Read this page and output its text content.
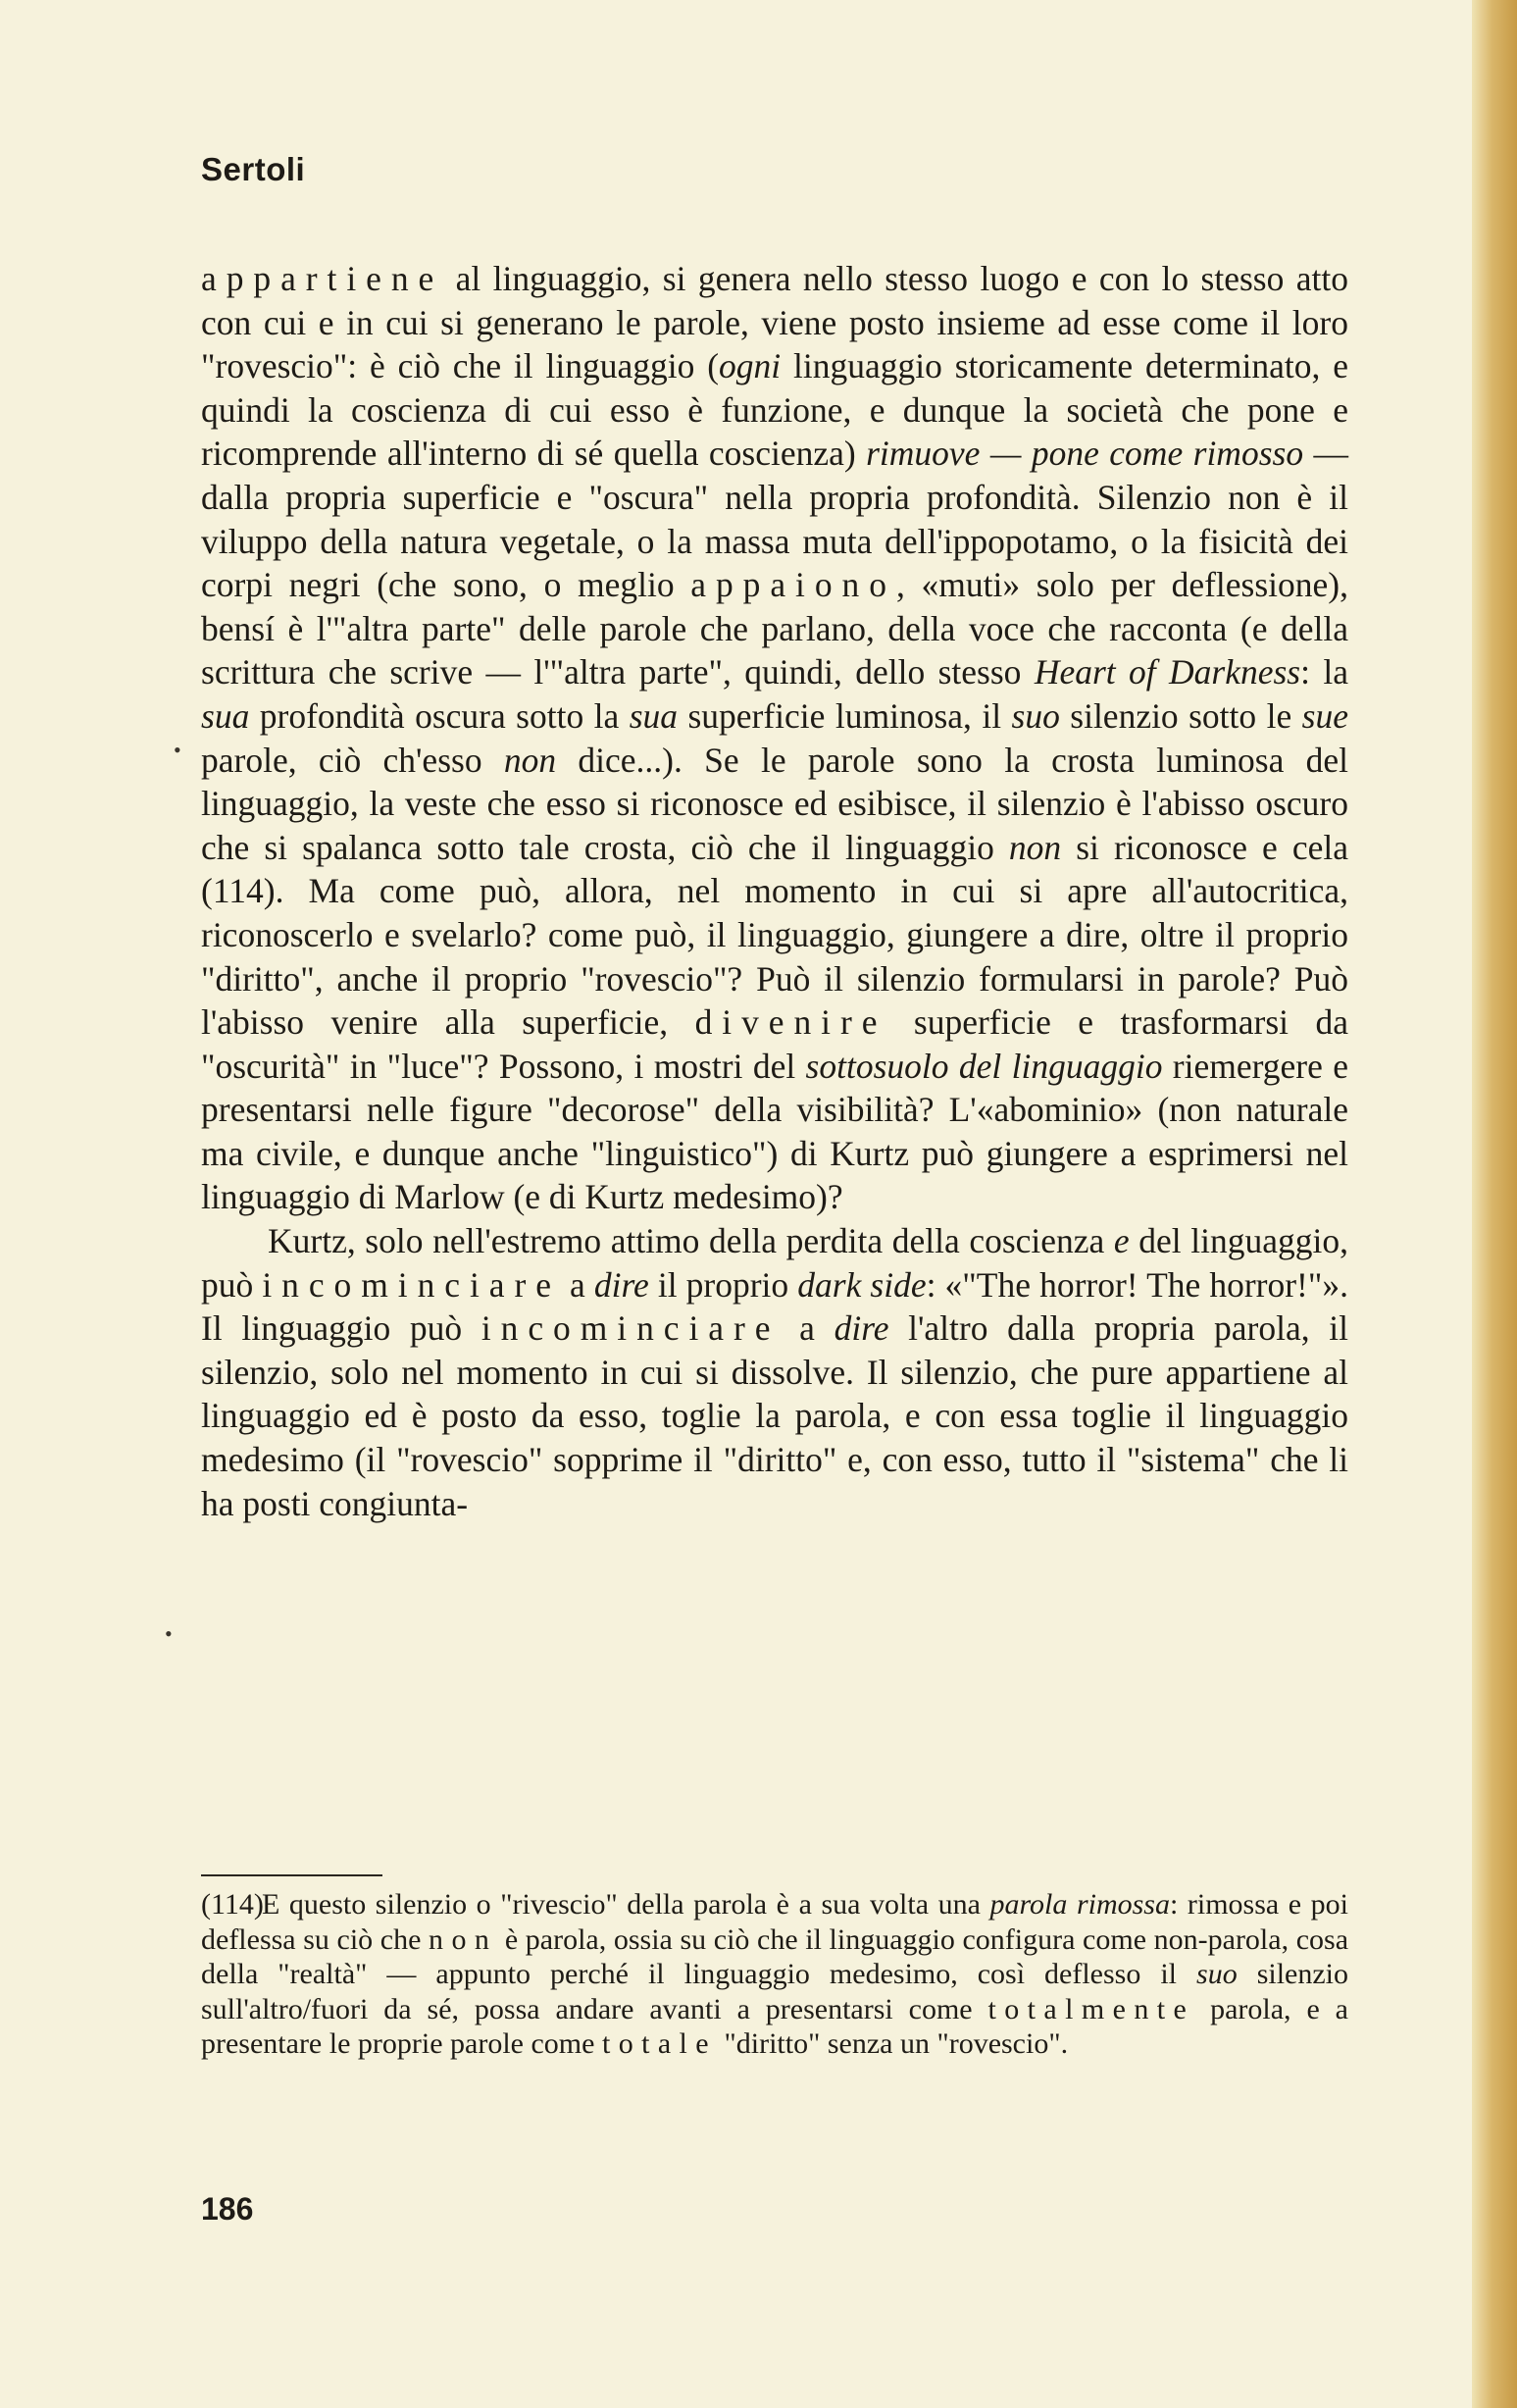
Sertoli
•
•

appartiene al linguaggio, si genera nello stesso luogo e con lo stesso atto con cui e in cui si generano le parole, viene posto insieme ad esse come il loro "rovescio": è ciò che il linguaggio (ogni linguaggio storicamente determinato, e quindi la coscienza di cui esso è funzione, e dunque la società che pone e ricomprende all'interno di sé quella coscienza) rimuove — pone come rimosso — dalla propria superficie e "oscura" nella propria profondità. Silenzio non è il viluppo della natura vegetale, o la massa muta dell'ippopotamo, o la fisicità dei corpi negri (che sono, o meglio appaiono, «muti» solo per deflessione), bensí è l'"altra parte" delle parole che parlano, della voce che racconta (e della scrittura che scrive — l'"altra parte", quindi, dello stesso Heart of Darkness: la sua profondità oscura sotto la sua superficie luminosa, il suo silenzio sotto le sue parole, ciò ch'esso non dice...). Se le parole sono la crosta luminosa del linguaggio, la veste che esso si riconosce ed esibisce, il silenzio è l'abisso oscuro che si spalanca sotto tale crosta, ciò che il linguaggio non si riconosce e cela (114). Ma come può, allora, nel momento in cui si apre all'autocritica, riconoscerlo e svelarlo? come può, il linguaggio, giungere a dire, oltre il proprio "diritto", anche il proprio "rovescio"? Può il silenzio formularsi in parole? Può l'abisso venire alla superficie, divenire superficie e trasformarsi da "oscurità" in "luce"? Possono, i mostri del sottosuolo del linguaggio riemergere e presentarsi nelle figure "decorose" della visibilità? L'«abominio» (non naturale ma civile, e dunque anche "linguistico") di Kurtz può giungere a esprimersi nel linguaggio di Marlow (e di Kurtz medesimo)?

Kurtz, solo nell'estremo attimo della perdita della coscienza e del linguaggio, può incominciare a dire il proprio dark side: «"The horror! The horror!"». Il linguaggio può incominciare a dire l'altro dalla propria parola, il silenzio, solo nel momento in cui si dissolve. Il silenzio, che pure appartiene al linguaggio ed è posto da esso, toglie la parola, e con essa toglie il linguaggio medesimo (il "rovescio" sopprime il "diritto" e, con esso, tutto il "sistema" che li ha posti congiunta-

(114)E questo silenzio o "rivescio" della parola è a sua volta una parola rimossa: rimossa e poi deflessa su ciò che non è parola, ossia su ciò che il linguaggio configura come non-parola, cosa della "realtà" — appunto perché il linguaggio medesimo, così deflesso il suo silenzio sull'altro/fuori da sé, possa andare avanti a presentarsi come totalmente parola, e a presentare le proprie parole come totale "diritto" senza un "rovescio".

186
